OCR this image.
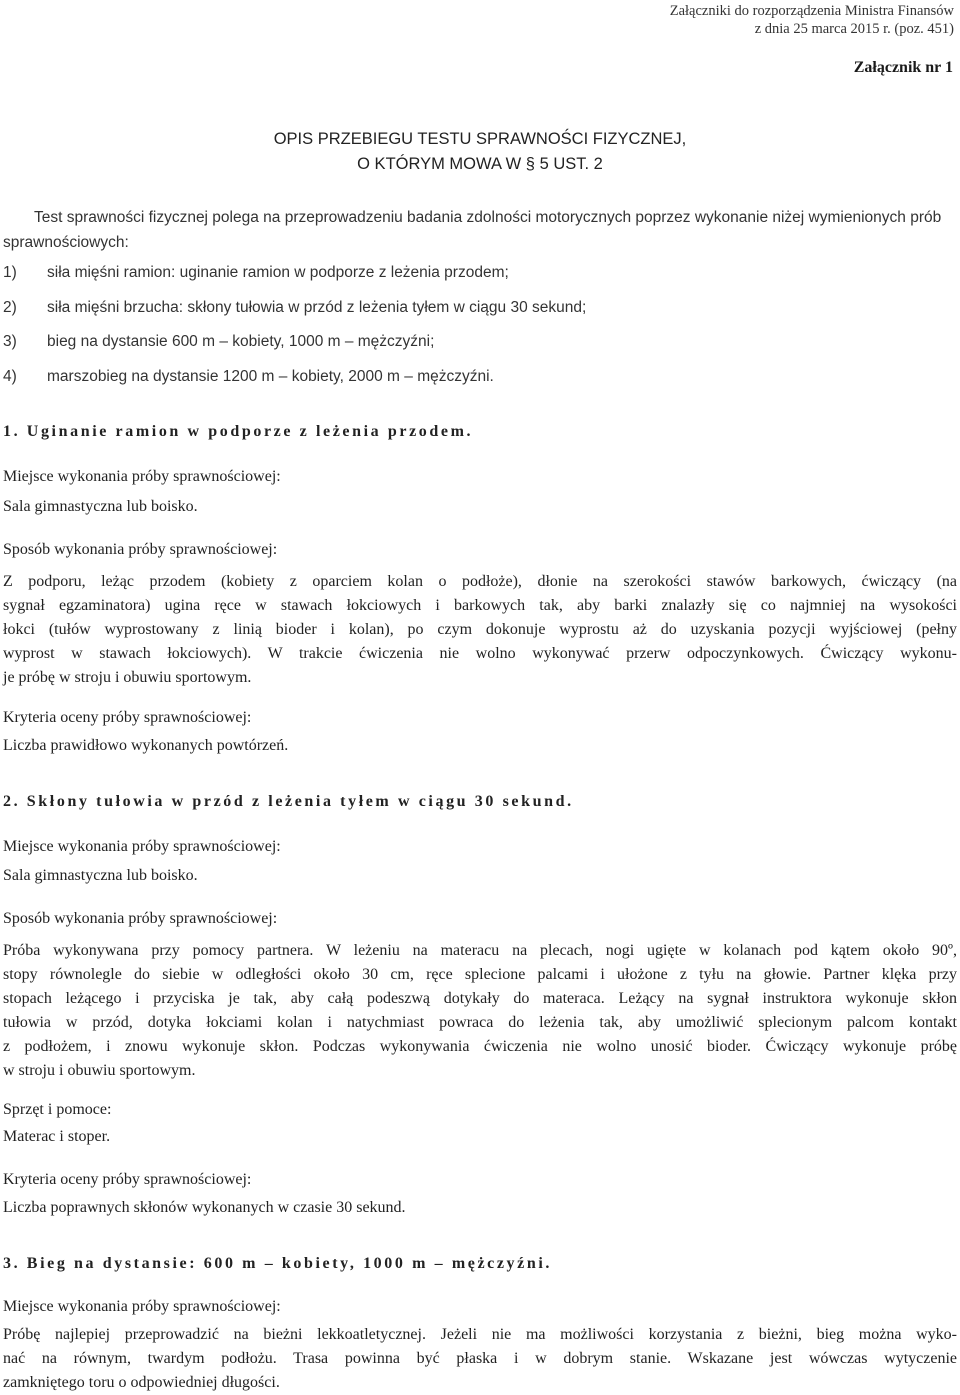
Załączniki do rozporządzenia Ministra Finansów
z dnia 25 marca 2015 r. (poz. 451)
Załącznik nr 1
OPIS PRZEBIEGU TESTU SPRAWNOŚCI FIZYCZNEJ,
O KTÓRYM MOWA W § 5 UST. 2
Test sprawności fizycznej polega na przeprowadzeniu badania zdolności motorycznych poprzez wykonanie niżej wymienionych prób sprawnościowych:
1) siła mięśni ramion: uginanie ramion w podporze z leżenia przodem;
2) siła mięśni brzucha: skłony tułowia w przód z leżenia tyłem w ciągu 30 sekund;
3) bieg na dystansie 600 m – kobiety, 1000 m – mężczyźni;
4) marszobieg na dystansie 1200 m – kobiety, 2000 m – mężczyźni.
1. Uginanie ramion w podporze z leżenia przodem.
Miejsce wykonania próby sprawnościowej:
Sala gimnastyczna lub boisko.
Sposób wykonania próby sprawnościowej:
Z podporu, leżąc przodem (kobiety z oparciem kolan o podłoże), dłonie na szerokości stawów barkowych, ćwiczący (na
sygnał egzaminatora) ugina ręce w stawach łokciowych i barkowych tak, aby barki znalazły się co najmniej na wysokości
łokci (tułów wyprostowany z linią bioder i kolan), po czym dokonuje wyprostu aż do uzyskania pozycji wyjściowej (pełny
wyprost w stawach łokciowych). W trakcie ćwiczenia nie wolno wykonywać przerw odpoczynkowych. Ćwiczący wykonu-
je próbę w stroju i obuwiu sportowym.
Kryteria oceny próby sprawnościowej:
Liczba prawidłowo wykonanych powtórzeń.
2. Skłony tułowia w przód z leżenia tyłem w ciągu 30 sekund.
Miejsce wykonania próby sprawnościowej:
Sala gimnastyczna lub boisko.
Sposób wykonania próby sprawnościowej:
Próba wykonywana przy pomocy partnera. W leżeniu na materacu na plecach, nogi ugięte w kolanach pod kątem około 90º,
stopy równolegle do siebie w odległości około 30 cm, ręce splecione palcami i ułożone z tyłu na głowie. Partner klęka przy
stopach leżącego i przyciska je tak, aby całą podeszwą dotykały do materaca. Leżący na sygnał instruktora wykonuje skłon
tułowia w przód, dotyka łokciami kolan i natychmiast powraca do leżenia tak, aby umożliwić splecionym palcom kontakt
z podłożem, i znowu wykonuje skłon. Podczas wykonywania ćwiczenia nie wolno unosić bioder. Ćwiczący wykonuje próbę
w stroju i obuwiu sportowym.
Sprzęt i pomoce:
Materac i stoper.
Kryteria oceny próby sprawnościowej:
Liczba poprawnych skłonów wykonanych w czasie 30 sekund.
3. Bieg na dystansie: 600 m – kobiety, 1000 m – mężczyźni.
Miejsce wykonania próby sprawnościowej:
Próbę najlepiej przeprowadzić na bieżni lekkoatletycznej. Jeżeli nie ma możliwości korzystania z bieżni, bieg można wyko-
nać na równym, twardym podłożu. Trasa powinna być płaska i w dobrym stanie. Wskazane jest wówczas wytyczenie
zamkniętego toru o odpowiedniej długości.
